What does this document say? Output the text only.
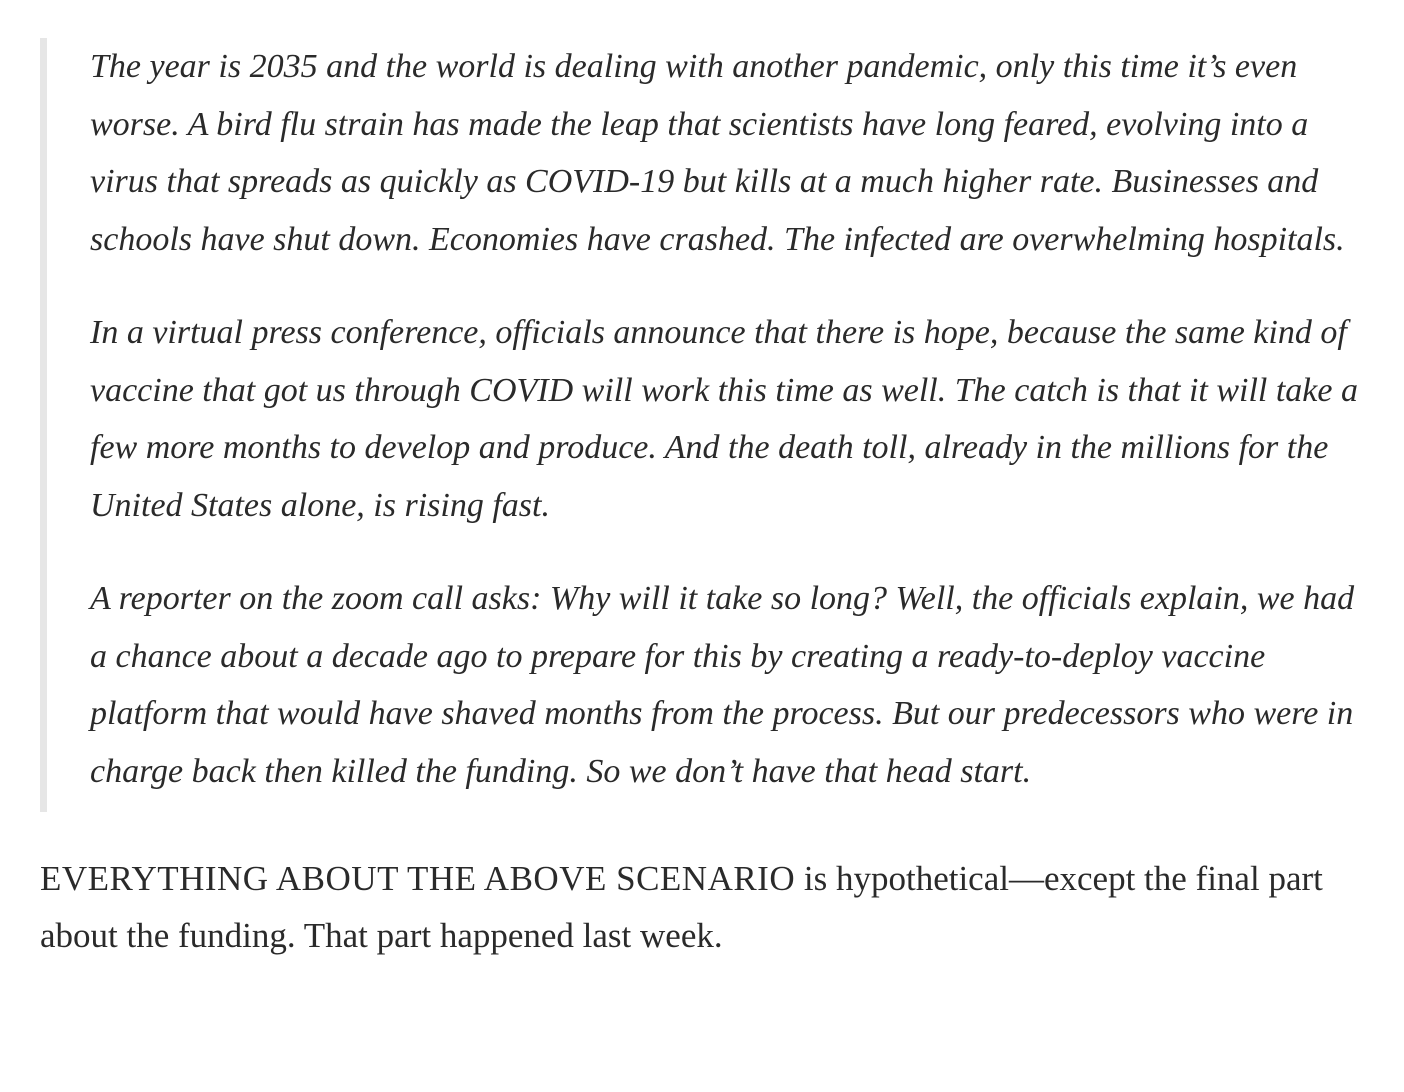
The year is 2035 and the world is dealing with another pandemic, only this time it’s even worse. A bird flu strain has made the leap that scientists have long feared, evolving into a virus that spreads as quickly as COVID-19 but kills at a much higher rate. Businesses and schools have shut down. Economies have crashed. The infected are overwhelming hospitals.

In a virtual press conference, officials announce that there is hope, because the same kind of vaccine that got us through COVID will work this time as well. The catch is that it will take a few more months to develop and produce. And the death toll, already in the millions for the United States alone, is rising fast.

A reporter on the zoom call asks: Why will it take so long? Well, the officials explain, we had a chance about a decade ago to prepare for this by creating a ready-to-deploy vaccine platform that would have shaved months from the process. But our predecessors who were in charge back then killed the funding. So we don’t have that head start.

EVERYTHING ABOUT THE ABOVE SCENARIO is hypothetical—except the final part about the funding. That part happened last week.
